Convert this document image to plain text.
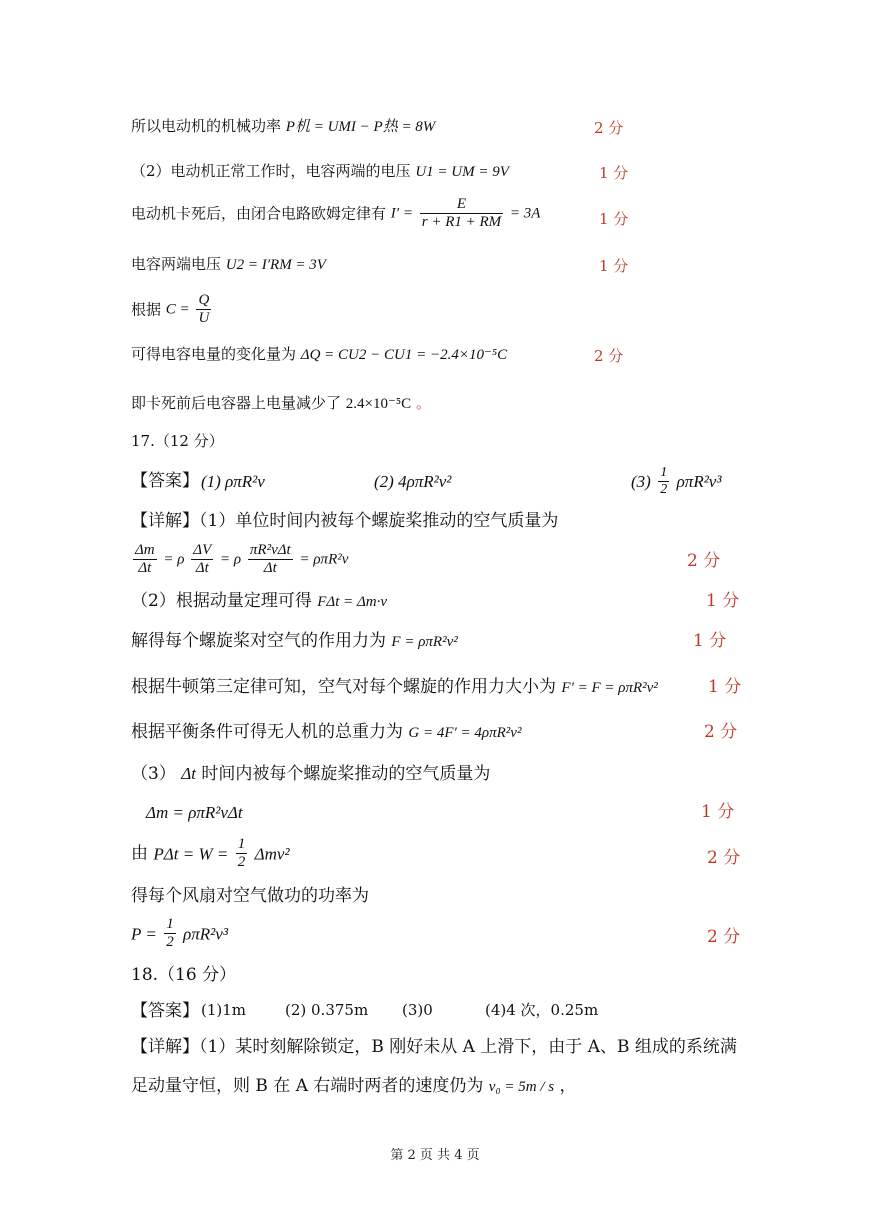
所以电动机的机械功率 P机 = UMI − P热 = 8W	2 分
（2）电动机正常工作时，电容两端的电压 U1 = UM = 9V	1 分
电动机卡死后，由闭合电路欧姆定律有 $I' = \frac{E}{r + R1 + RM} = 3A$	1 分
电容两端电压 U2 = I′RM = 3V	1 分
根据 $C = \frac{Q}{U}$
可得电容电量的变化量为 ΔQ = CU2 − CU1 = −2.4×10⁻⁵C	2 分
即卡死前后电容器上电量减少了 2.4×10⁻⁵C 。
17.（12 分）
【答案】 (1) ρπR²v	(2) 4ρπR²v²	$(3) \frac{1}{2} \rho\pi R^2v^3$
【详解】（1）单位时间内被每个螺旋桨推动的空气质量为
$\frac{\Delta m}{\Delta t} = \rho \frac{\Delta V}{\Delta t} = \rho \frac{\text{πR²vΔt}}{\Delta t} = \rho\pi R^2v$	2 分
（2）根据动量定理可得 FΔt = Δm·v	1 分
解得每个螺旋桨对空气的作用力为 F = ρπR²v²	1 分
根据牛顿第三定律可知，空气对每个螺旋的作用力大小为 F′ = F = ρπR²v²	1 分
根据平衡条件可得无人机的总重力为 G = 4F′ = 4ρπR²v²	2 分
（3） Δt 时间内被每个螺旋桨推动的空气质量为
Δm = ρπR²vΔt	1 分
由 $P\Delta t = W = \frac{1}{2} \Delta mv^2$	2 分
得每个风扇对空气做功的功率为
$P = \frac{1}{2} \rho\pi R^2v^3$	2 分
18.（16 分）
【答案】 (1)1m	(2) 0.375m (3)0	(4)4 次，0.25m
【详解】（1）某时刻解除锁定，B 刚好未从 A 上滑下，由于 A、B 组成的系统满
足动量守恒，则 B 在 A 右端时两者的速度仍为 v₀ = 5m / s ，
第 2 页 共 4 页
